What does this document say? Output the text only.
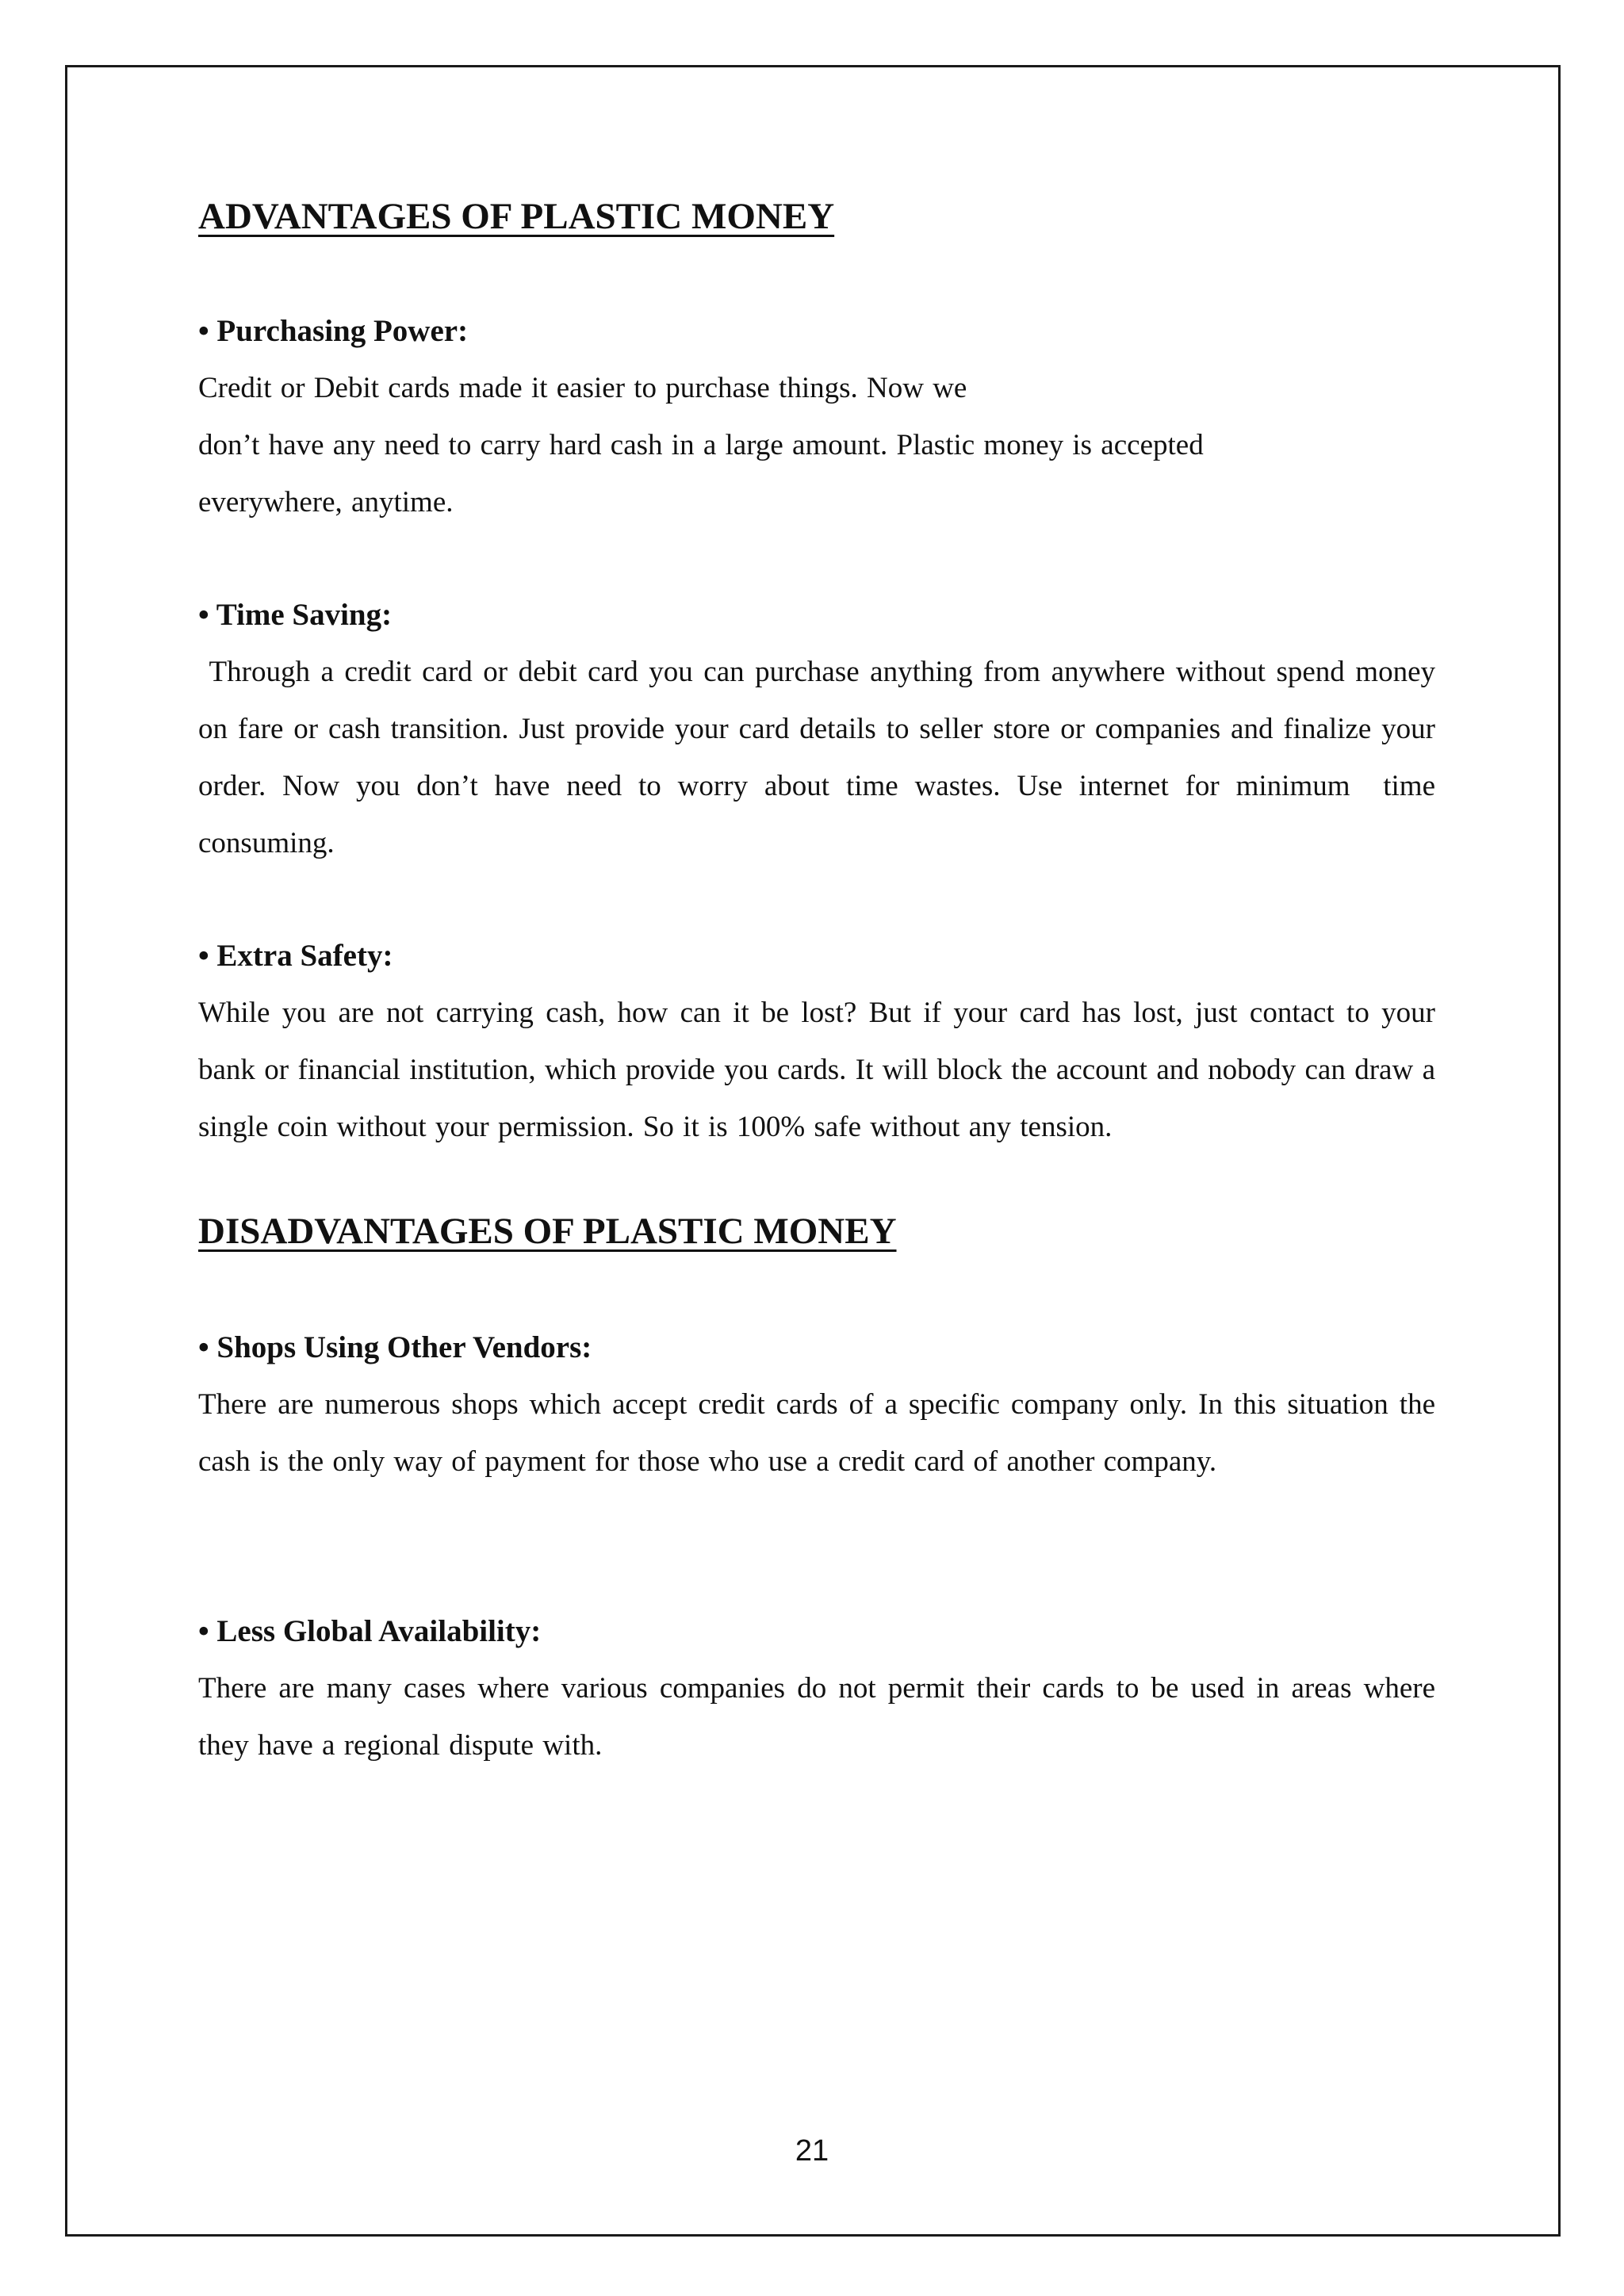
ADVANTAGES OF PLASTIC MONEY

• Purchasing Power:

Credit or Debit cards made it easier to purchase things. Now we

don’t have any need to carry hard cash in a large amount. Plastic money is accepted

everywhere, anytime.

• Time Saving:

Through a credit card or debit card you can purchase anything from anywhere without spend money on fare or cash transition. Just provide your card details to seller store or companies and finalize your order. Now you don’t have need to worry about time wastes. Use internet for minimum  time consuming.

• Extra Safety:

While you are not carrying cash, how can it be lost? But if your card has lost, just contact to your bank or financial institution, which provide you cards. It will block the account and nobody can draw a single coin without your permission. So it is 100% safe without any tension.

DISADVANTAGES OF PLASTIC MONEY

• Shops Using Other Vendors:

There are numerous shops which accept credit cards of a specific company only. In this situation the cash is the only way of payment for those who use a credit card of another company.

• Less Global Availability:

There are many cases where various companies do not permit their cards to be used in areas where they have a regional dispute with.

21
